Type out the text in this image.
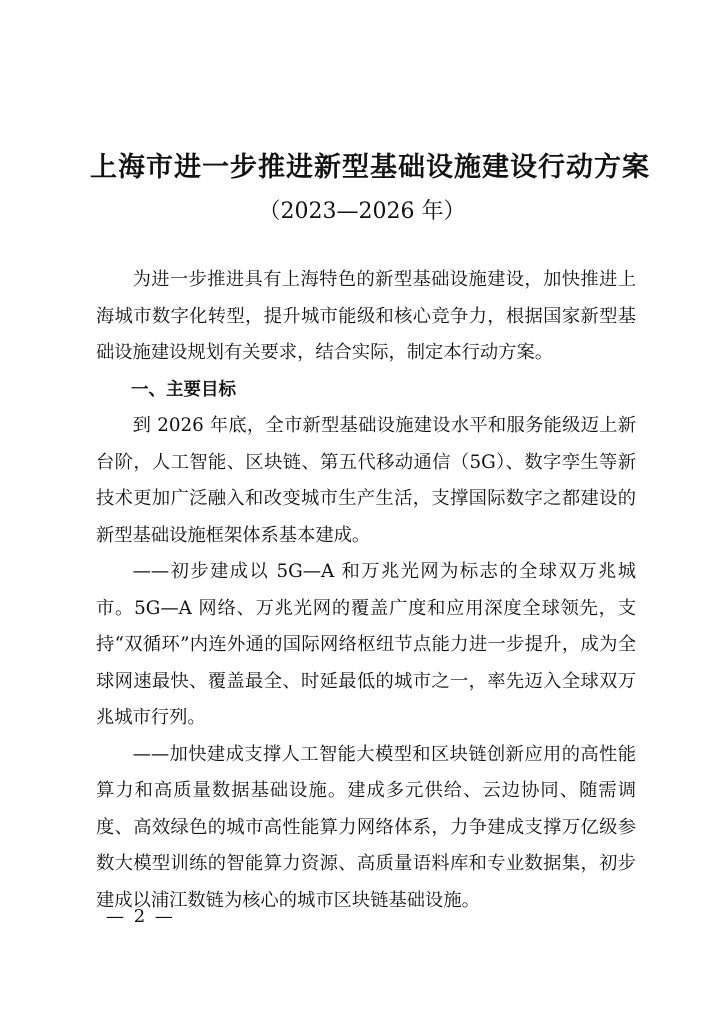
上海市进一步推进新型基础设施建设行动方案
（2023—2026 年）

为进一步推进具有上海特色的新型基础设施建设，加快推进上海城市数字化转型，提升城市能级和核心竞争力，根据国家新型基础设施建设规划有关要求，结合实际，制定本行动方案。

一、主要目标

到 2026 年底，全市新型基础设施建设水平和服务能级迈上新台阶，人工智能、区块链、第五代移动通信（5G）、数字孪生等新技术更加广泛融入和改变城市生产生活，支撑国际数字之都建设的新型基础设施框架体系基本建成。

——初步建成以 5G—A 和万兆光网为标志的全球双万兆城市。5G—A 网络、万兆光网的覆盖广度和应用深度全球领先，支持“双循环”内连外通的国际网络枢纽节点能力进一步提升，成为全球网速最快、覆盖最全、时延最低的城市之一，率先迈入全球双万兆城市行列。

——加快建成支撑人工智能大模型和区块链创新应用的高性能算力和高质量数据基础设施。建成多元供给、云边协同、随需调度、高效绿色的城市高性能算力网络体系，力争建成支撑万亿级参数大模型训练的智能算力资源、高质量语料库和专业数据集，初步建成以浦江数链为核心的城市区块链基础设施。

— 2 —
